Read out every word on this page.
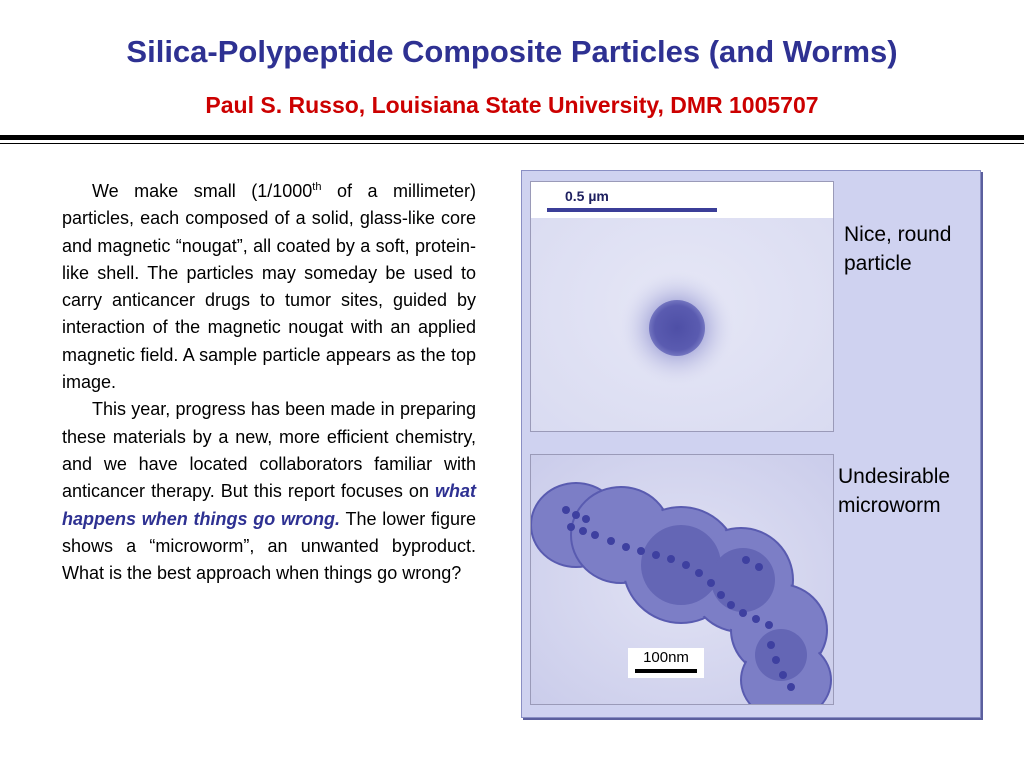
Silica-Polypeptide Composite Particles (and Worms)
Paul S. Russo, Louisiana State University, DMR 1005707

We make small (1/1000th of a millimeter) particles, each composed of a solid, glass-like core and magnetic “nougat”, all coated by a soft, protein-like shell. The particles may someday be used to carry anticancer drugs to tumor sites, guided by interaction of the magnetic nougat with an applied magnetic field. A sample particle appears as the top image.

This year, progress has been made in preparing these materials by a new, more efficient chemistry, and we have located collaborators familiar with anticancer therapy. But this report focuses on what happens when things go wrong. The lower figure shows a “microworm”, an unwanted byproduct. What is the best approach when things go wrong?

0.5 µm
Nice, round particle
100nm
Undesirable microworm
